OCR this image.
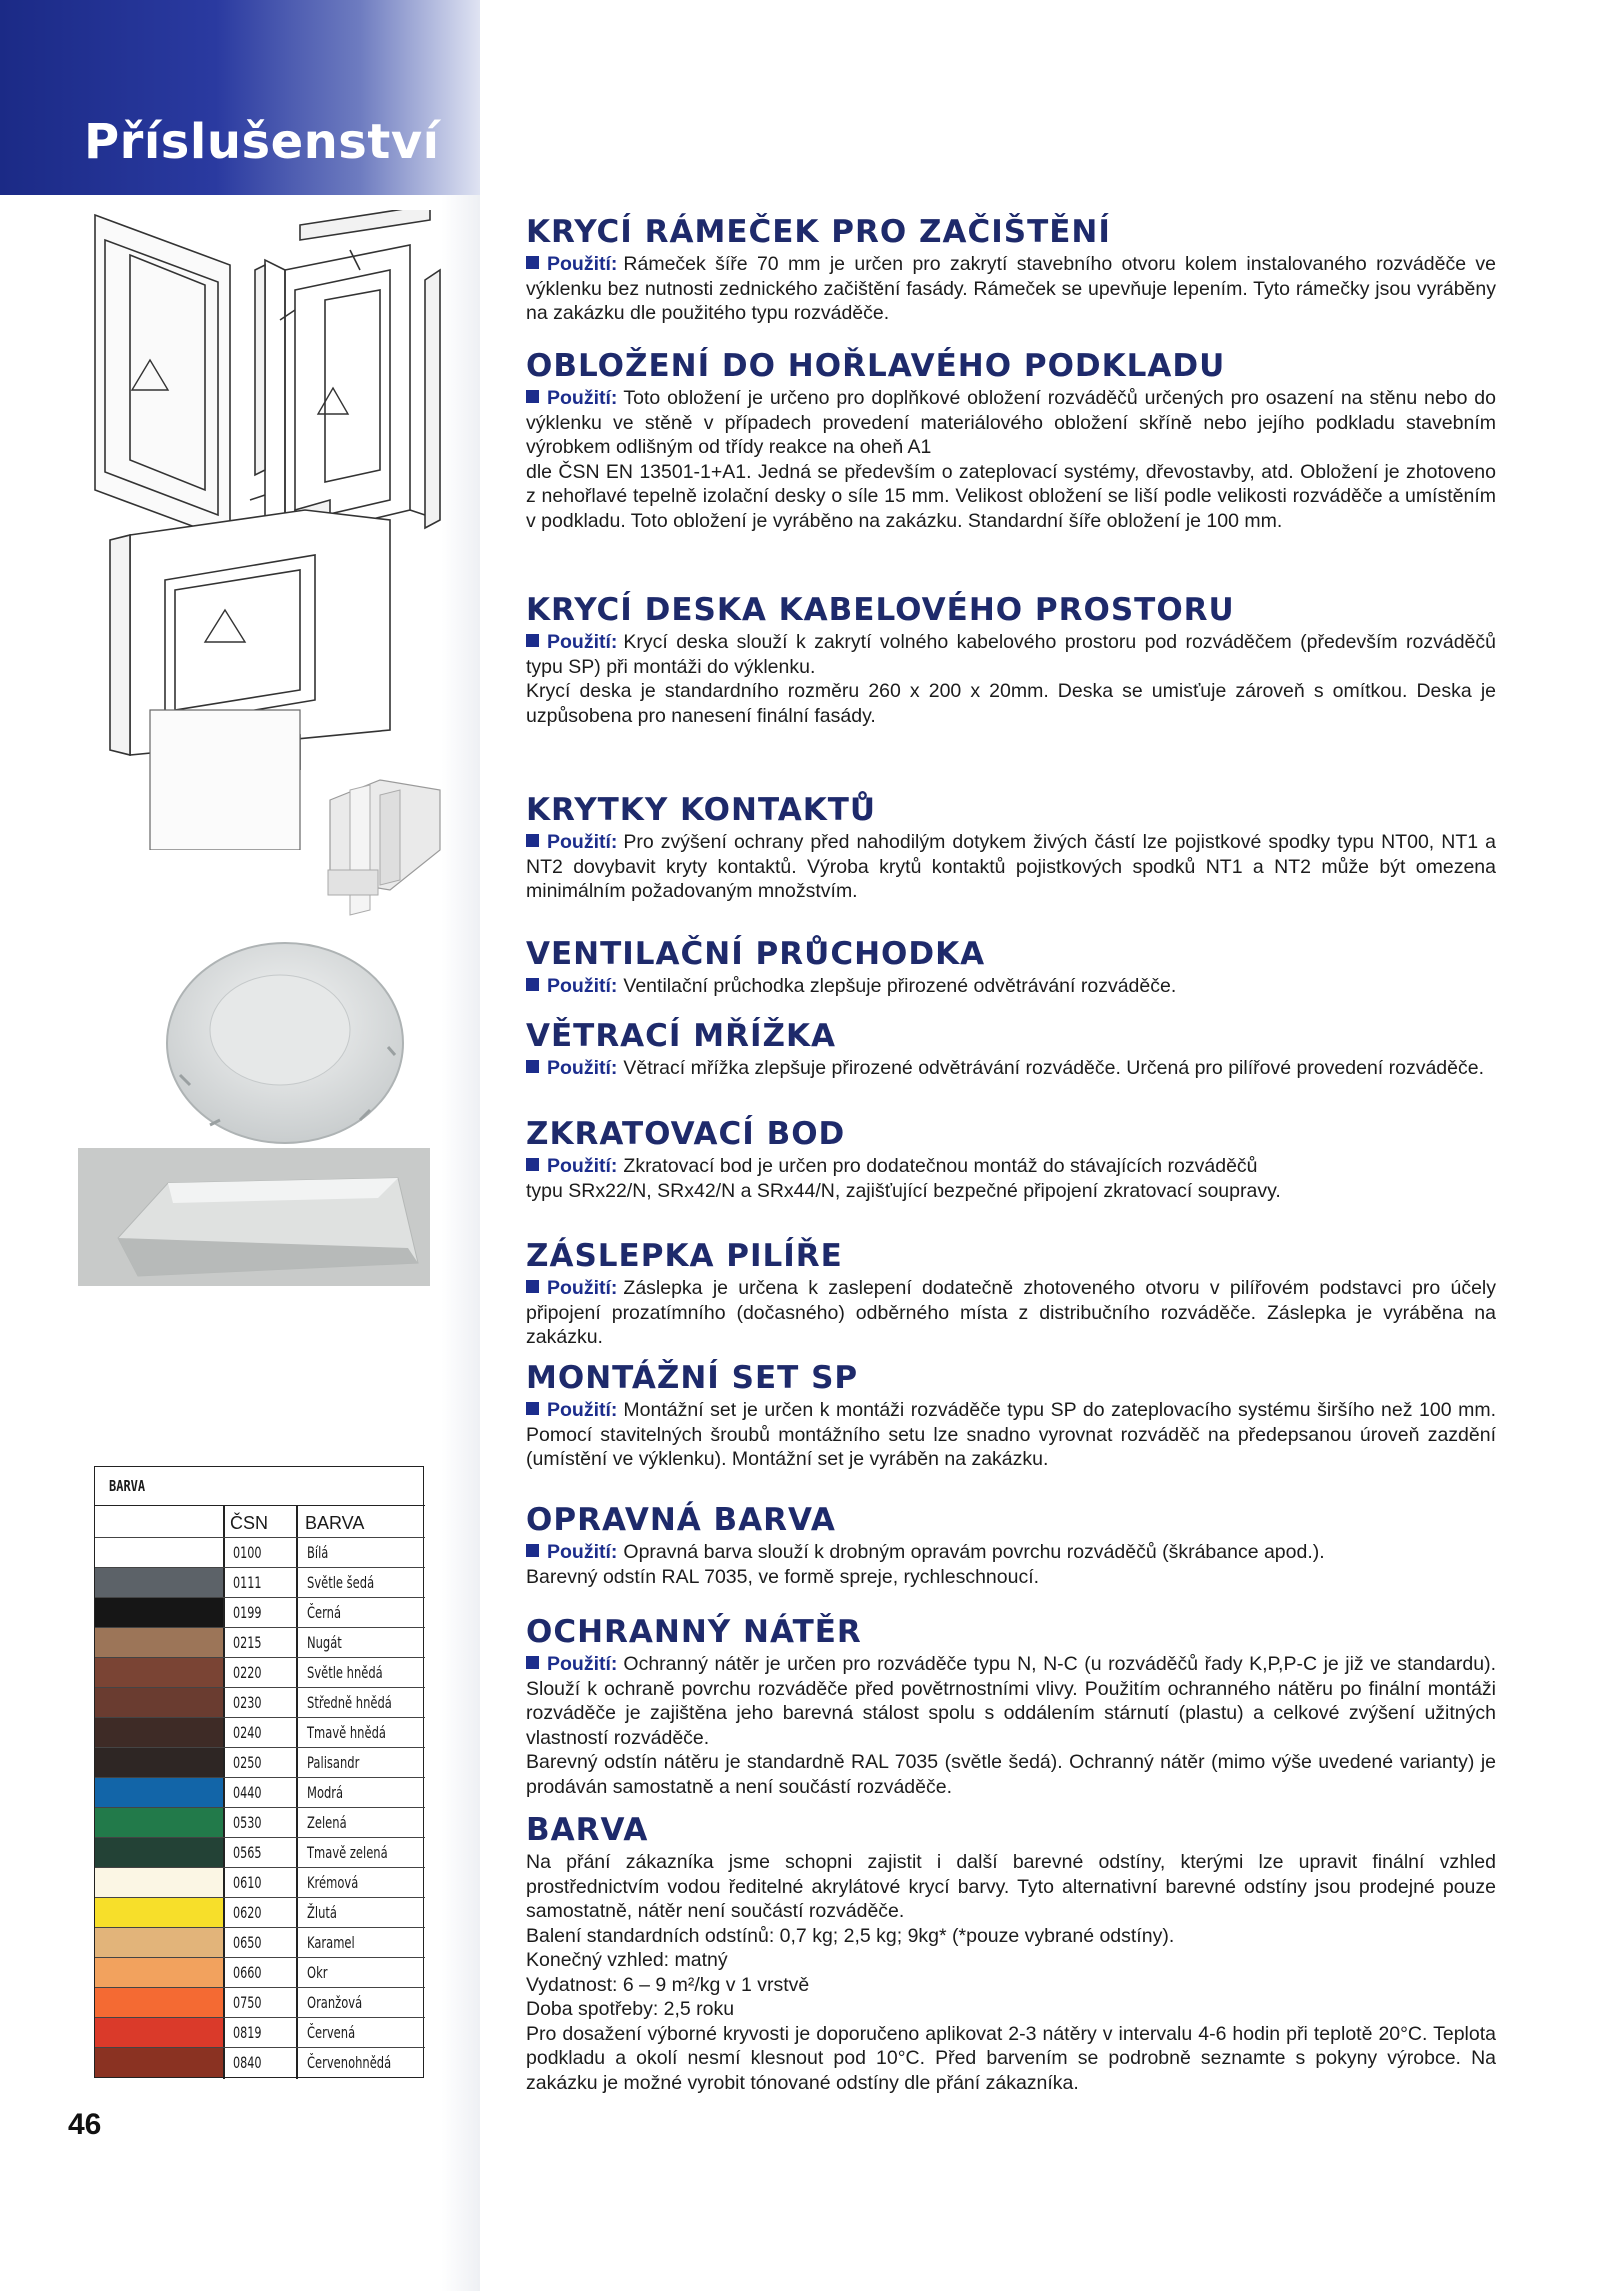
Příslušenství
BARVA
ČSN BARVA
0100	Bílá
0111	Světle šedá
0199	Černá
0215	Nugát
0220	Světle hnědá
0230	Středně hnědá
0240	Tmavě hnědá
0250	Palisandr
0440	Modrá
0530	Zelená
0565	Tmavě zelená
0610	Krémová
0620	Žlutá
0650	Karamel
0660	Okr
0750	Oranžová
0819	Červená
0840	Červenohnědá
46
KRYCÍ RÁMEČEK PRO ZAČIŠTĚNÍ

Použití: Rámeček šíře 70 mm je určen pro zakrytí stavebního otvoru kolem instalovaného rozváděče ve výklenku bez nutnosti zednického začištění fasády. Rámeček se upevňuje lepením. Tyto rámečky jsou vyráběny na zakázku dle použitého typu rozváděče.

OBLOŽENÍ DO HOŘLAVÉHO PODKLADU

Použití: Toto obložení je určeno pro doplňkové obložení rozváděčů určených pro osazení na stěnu nebo do výklenku ve stěně v případech provedení materiálového obložení skříně nebo jejího podkladu stavebním výrobkem odlišným od třídy reakce na oheň A1

dle ČSN EN 13501-1+A1. Jedná se především o zateplovací systémy, dřevostavby, atd. Obložení je zhotoveno z nehořlavé tepelně izolační desky o síle 15 mm. Velikost obložení se liší podle velikosti rozváděče a umístěním v podkladu. Toto obložení je vyráběno na zakázku. Standardní šíře obložení je 100 mm.

KRYCÍ DESKA KABELOVÉHO PROSTORU

Použití: Krycí deska slouží k zakrytí volného kabelového prostoru pod rozváděčem (především rozváděčů typu SP) při montáži do výklenku.

Krycí deska je standardního rozměru 260 x 200 x 20mm. Deska se umisťuje zároveň s omítkou. Deska je uzpůsobena pro nanesení finální fasády.

KRYTKY KONTAKTŮ

Použití: Pro zvýšení ochrany před nahodilým dotykem živých částí lze pojistkové spodky typu NT00, NT1 a NT2 dovybavit kryty kontaktů. Výroba krytů kontaktů pojistkových spodků NT1 a NT2 může být omezena minimálním požadovaným množstvím.

VENTILAČNÍ PRŮCHODKA

Použití: Ventilační průchodka zlepšuje přirozené odvětrávání rozváděče.

VĚTRACÍ MŘÍŽKA

Použití: Větrací mřížka zlepšuje přirozené odvětrávání rozváděče. Určená pro pilířové provedení rozváděče.

ZKRATOVACÍ BOD

Použití: Zkratovací bod je určen pro dodatečnou montáž do stávajících rozváděčů

typu SRx22/N, SRx42/N a SRx44/N, zajišťující bezpečné připojení zkratovací soupravy.

ZÁSLEPKA PILÍŘE

Použití: Záslepka je určena k zaslepení dodatečně zhotoveného otvoru v pilířovém podstavci pro účely připojení prozatímního (dočasného) odběrného místa z distribučního rozváděče. Záslepka je vyráběna na zakázku.

MONTÁŽNÍ SET SP

Použití: Montážní set je určen k montáži rozváděče typu SP do zateplovacího systému širšího než 100 mm. Pomocí stavitelných šroubů montážního setu lze snadno vyrovnat rozváděč na předepsanou úroveň zazdění (umístění ve výklenku). Montážní set je vyráběn na zakázku.

OPRAVNÁ BARVA

Použití: Opravná barva slouží k drobným opravám povrchu rozváděčů (škrábance apod.).

Barevný odstín RAL 7035, ve formě spreje, rychleschnoucí.

OCHRANNÝ NÁTĚR

Použití: Ochranný nátěr je určen pro rozváděče typu N, N-C (u rozváděčů řady K,P,P-C je již ve standardu). Slouží k ochraně povrchu rozváděče před povětrnostními vlivy. Použitím ochranného nátěru po finální montáži rozváděče je zajištěna jeho barevná stálost spolu s oddálením stárnutí (plastu) a celkové zvýšení užitných vlastností rozváděče.

Barevný odstín nátěru je standardně RAL 7035 (světle šedá). Ochranný nátěr (mimo výše uvedené varianty) je prodáván samostatně a není součástí rozváděče.

BARVA

Na přání zákazníka jsme schopni zajistit i další barevné odstíny, kterými lze upravit finální vzhled prostřednictvím vodou ředitelné akrylátové krycí barvy. Tyto alternativní barevné odstíny jsou prodejné pouze samostatně, nátěr není součástí rozváděče.

Balení standardních odstínů: 0,7 kg; 2,5 kg; 9kg* (*pouze vybrané odstíny).

Konečný vzhled: matný

Vydatnost: 6 – 9 m²/kg v 1 vrstvě

Doba spotřeby: 2,5 roku

Pro dosažení výborné kryvosti je doporučeno aplikovat 2-3 nátěry v intervalu 4-6 hodin při teplotě 20°C. Teplota podkladu a okolí nesmí klesnout pod 10°C. Před barvením se podrobně seznamte s pokyny výrobce. Na zakázku je možné vyrobit tónované odstíny dle přání zákazníka.
